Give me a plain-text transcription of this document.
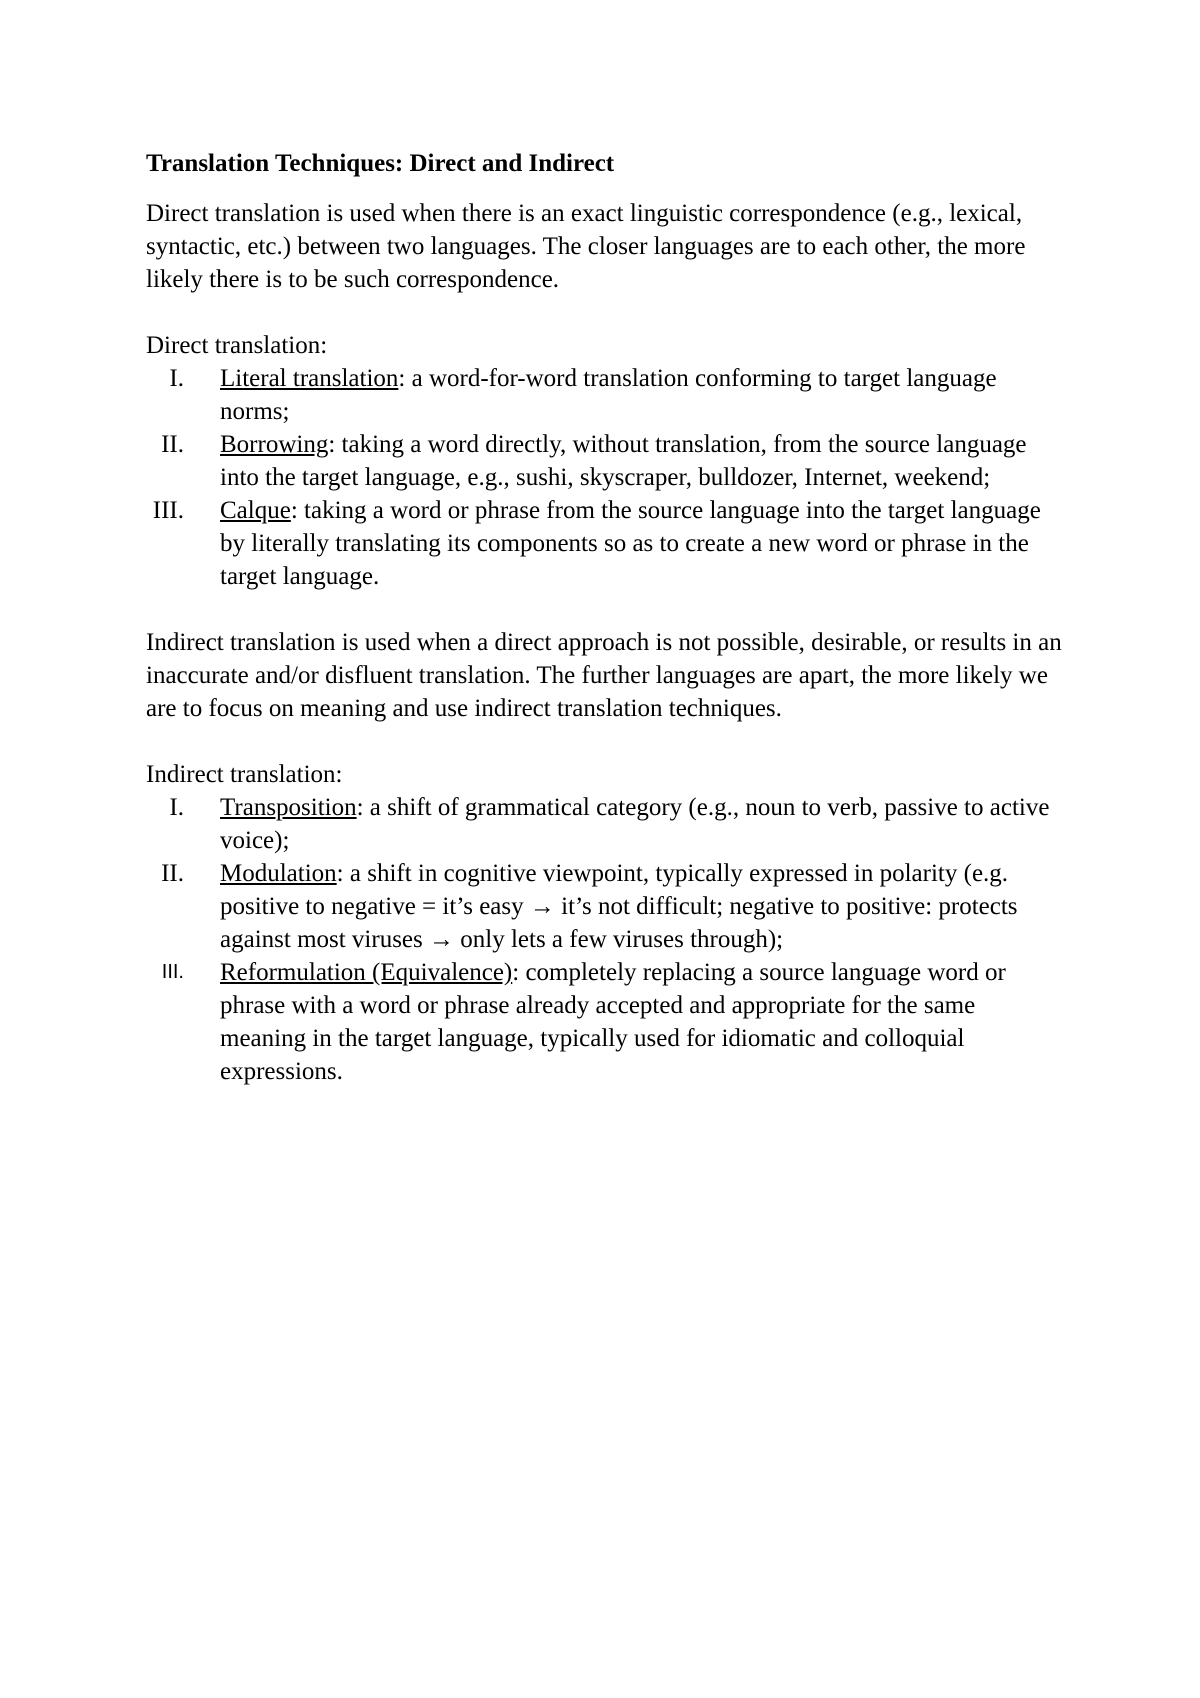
Translation Techniques: Direct and Indirect

Direct translation is used when there is an exact linguistic correspondence (e.g., lexical, syntactic, etc.) between two languages. The closer languages are to each other, the more likely there is to be such correspondence.

Direct translation:

I. Literal translation: a word-for-word translation conforming to target language norms;
II. Borrowing: taking a word directly, without translation, from the source language into the target language, e.g., sushi, skyscraper, bulldozer, Internet, weekend;
III. Calque: taking a word or phrase from the source language into the target language by literally translating its components so as to create a new word or phrase in the target language.

Indirect translation is used when a direct approach is not possible, desirable, or results in an inaccurate and/or disfluent translation. The further languages are apart, the more likely we are to focus on meaning and use indirect translation techniques.

Indirect translation:

I. Transposition: a shift of grammatical category (e.g., noun to verb, passive to active voice);
II. Modulation: a shift in cognitive viewpoint, typically expressed in polarity (e.g. positive to negative = it’s easy → it’s not difficult; negative to positive: protects against most viruses → only lets a few viruses through);
III. Reformulation (Equivalence): completely replacing a source language word or phrase with a word or phrase already accepted and appropriate for the same meaning in the target language, typically used for idiomatic and colloquial expressions.
